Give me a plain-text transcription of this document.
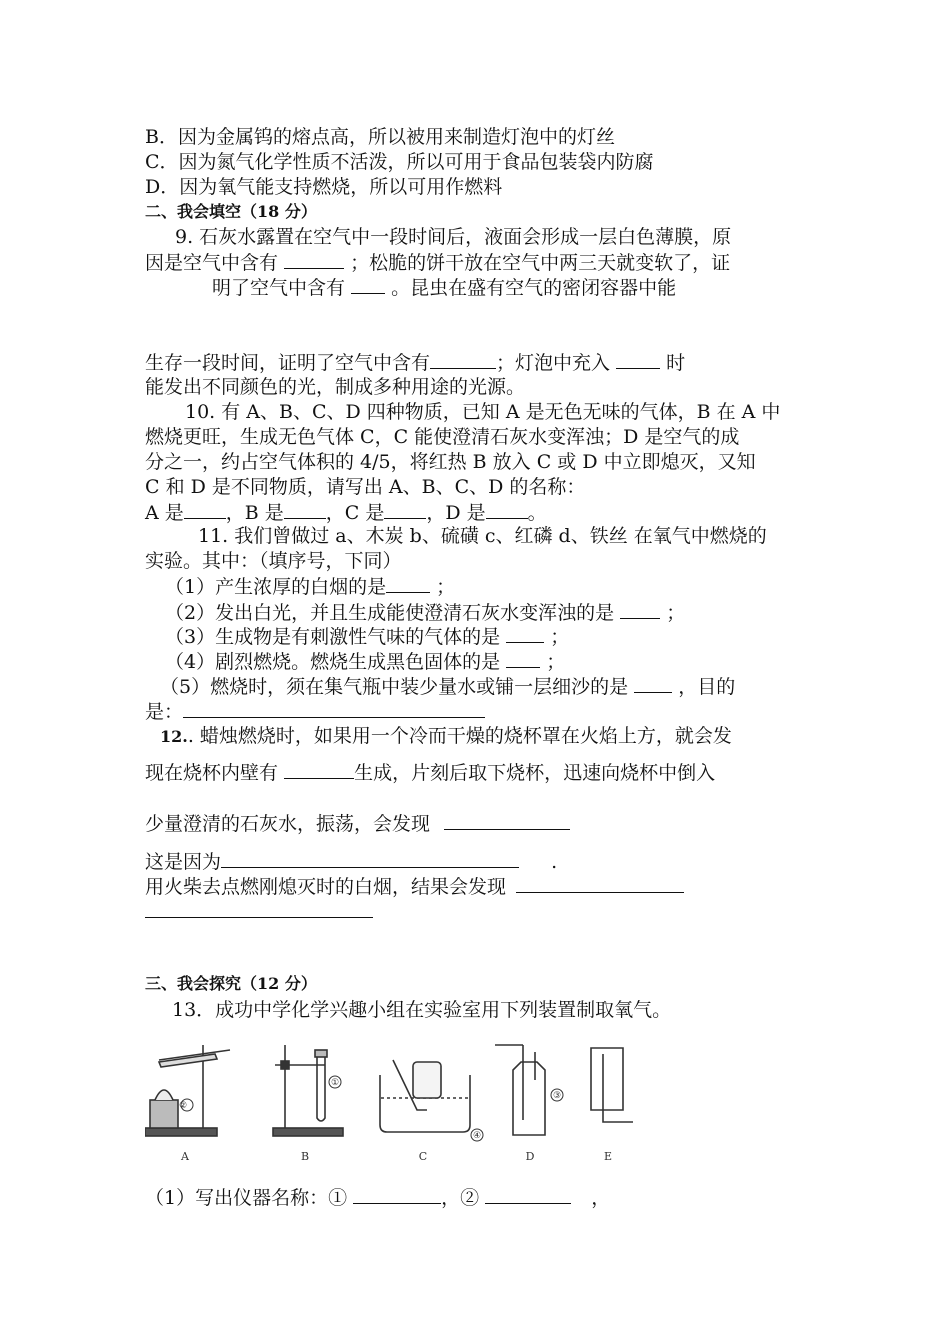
B．因为金属钨的熔点高，所以被用来制造灯泡中的灯丝
C．因为氮气化学性质不活泼，所以可用于食品包装袋内防腐
D．因为氧气能支持燃烧，所以可用作燃料
二、我会填空（18 分）
9. 石灰水露置在空气中一段时间后，液面会形成一层白色薄膜，原
因是空气中含有	；松脆的饼干放在空气中两三天就变软了，证
明了空气中含有 。昆虫在盛有空气的密闭容器中能
生存一段时间，证明了空气中含有	；灯泡中充入	时
能发出不同颜色的光，制成多种用途的光源。
10. 有 A、B、C、D 四种物质，已知 A 是无色无味的气体，B 在 A 中
燃烧更旺，生成无色气体 C，C 能使澄清石灰水变浑浊；D 是空气的成
分之一，约占空气体积的 4/5，将红热 B 放入 C 或 D 中立即熄灭，又知
C 和 D 是不同物质，请写出 A、B、C、D 的名称：
A 是 ，B 是 ，C 是 ，D 是 。
11. 我们曾做过 a、木炭 b、硫磺 c、红磷 d、铁丝 在氧气中燃烧的
实验。其中：（填序号，下同）
（1）产生浓厚的白烟的是	；
（2）发出白光，并且生成能使澄清石灰水变浑浊的是	；
（3）生成物是有刺激性气味的气体的是	；
（4）剧烈燃烧。燃烧生成黑色固体的是 ；
（5）燃烧时，须在集气瓶中装少量水或铺一层细沙的是	，目的
是：
12.. 蜡烛燃烧时，如果用一个冷而干燥的烧杯罩在火焰上方，就会发
现在烧杯内壁有	生成，片刻后取下烧杯，迅速向烧杯中倒入
少量澄清的石灰水，振荡，会发现
这是因为	.
用火柴去点燃刚熄灭时的白烟，结果会发现
三、我会探究（12 分）
13．成功中学化学兴趣小组在实验室用下列装置制取氧气。
②
①
④
③
A	B	C	D	E
（1）写出仪器名称：①	，②	，
